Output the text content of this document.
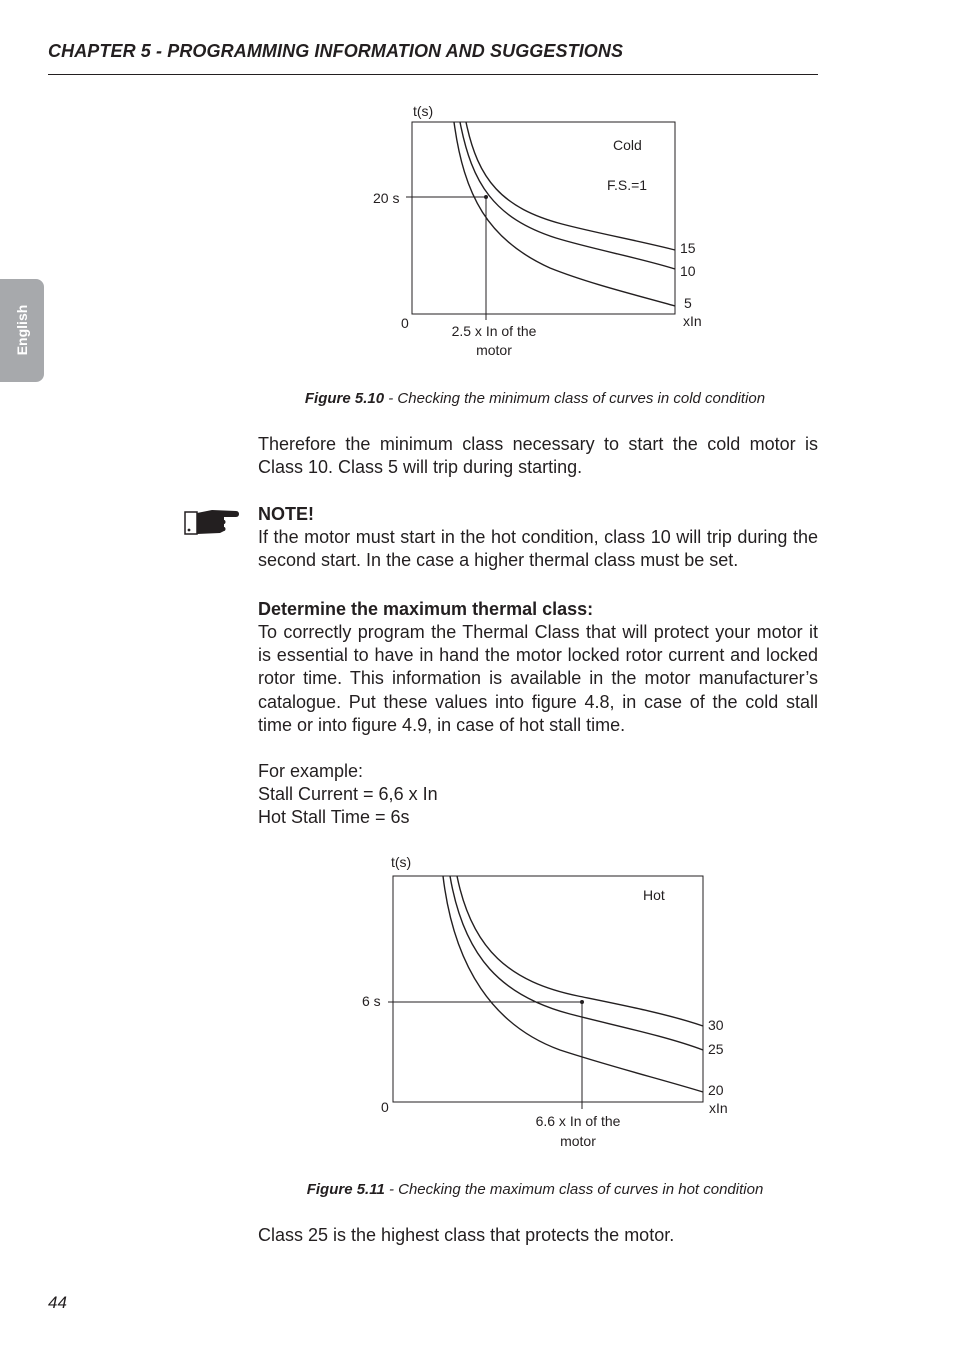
CHAPTER 5 - PROGRAMMING INFORMATION AND SUGGESTIONS
English
t(s)
Cold
F.S.=1
20 s
15
10
5
xIn
0	2.5 x In of the
motor
Figure 5.10 - Checking the minimum class of curves in cold condition

Therefore the minimum class necessary to start the cold motor is Class 10. Class 5 will trip during starting.

NOTE!

If the motor must start in the hot condition, class 10 will trip during the second start. In the case a higher thermal class must be set.

Determine the maximum thermal class:

To correctly program the Thermal Class that will protect your motor it is essential to have in hand the motor locked rotor current and locked rotor time. This information is available in the motor manufacturer’s catalogue. Put these values into figure 4.8, in case of the cold stall time or into figure 4.9, in case of hot stall time.

For example:

Stall Current = 6,6 x In

Hot Stall Time = 6s

t(s)
Hot
6 s
30
25
20
xIn
0
6.6 x In of the
motor
Figure 5.11 - Checking the maximum class of curves in hot condition

Class 25 is the highest class that protects the motor.

44
